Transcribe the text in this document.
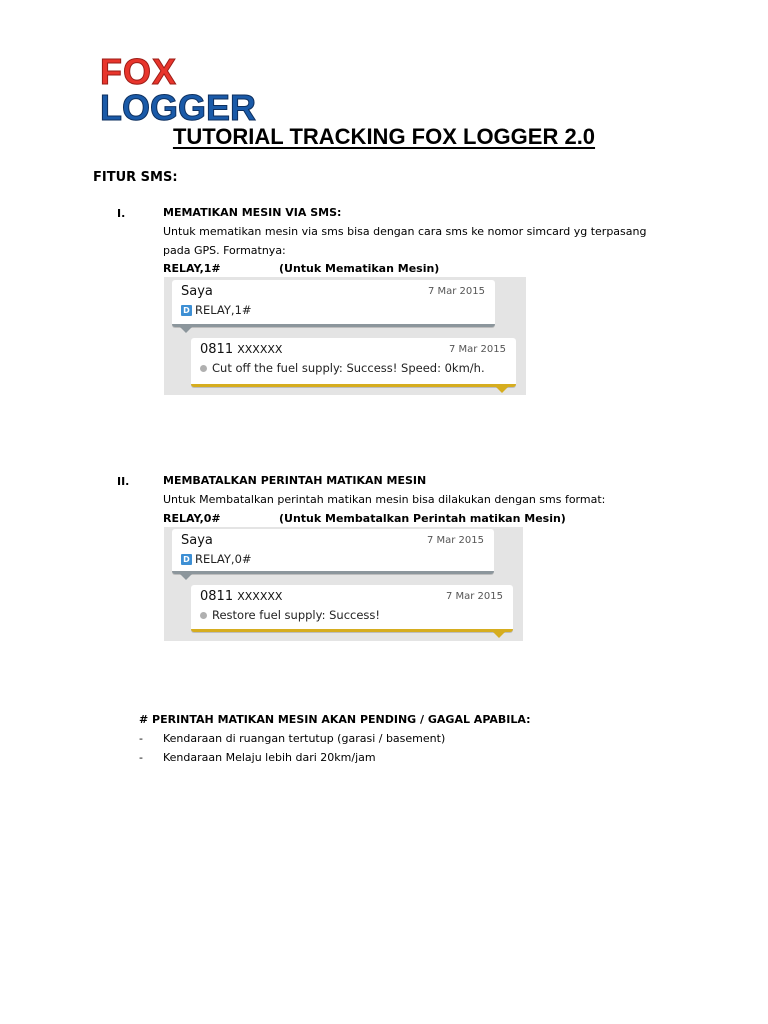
FOX
LOGGER
TUTORIAL TRACKING FOX LOGGER 2.0
FITUR SMS:
I.	MEMATIKAN MESIN VIA SMS:
Untuk mematikan mesin via sms bisa dengan cara sms ke nomor simcard yg terpasang
pada GPS. Formatnya:
RELAY,1#	(Untuk Mematikan Mesin)
Saya	7 Mar 2015
D RELAY,1#
0811 XXXXXX	7 Mar 2015
Cut off the fuel supply: Success! Speed: 0km/h.
II.	MEMBATALKAN PERINTAH MATIKAN MESIN
Untuk Membatalkan perintah matikan mesin bisa dilakukan dengan sms format:
RELAY,0#	(Untuk Membatalkan Perintah matikan Mesin)
Saya	7 Mar 2015
D RELAY,0#
0811 XXXXXX	7 Mar 2015
Restore fuel supply: Success!
# PERINTAH MATIKAN MESIN AKAN PENDING / GAGAL APABILA:
- Kendaraan di ruangan tertutup (garasi / basement)
- Kendaraan Melaju lebih dari 20km/jam
